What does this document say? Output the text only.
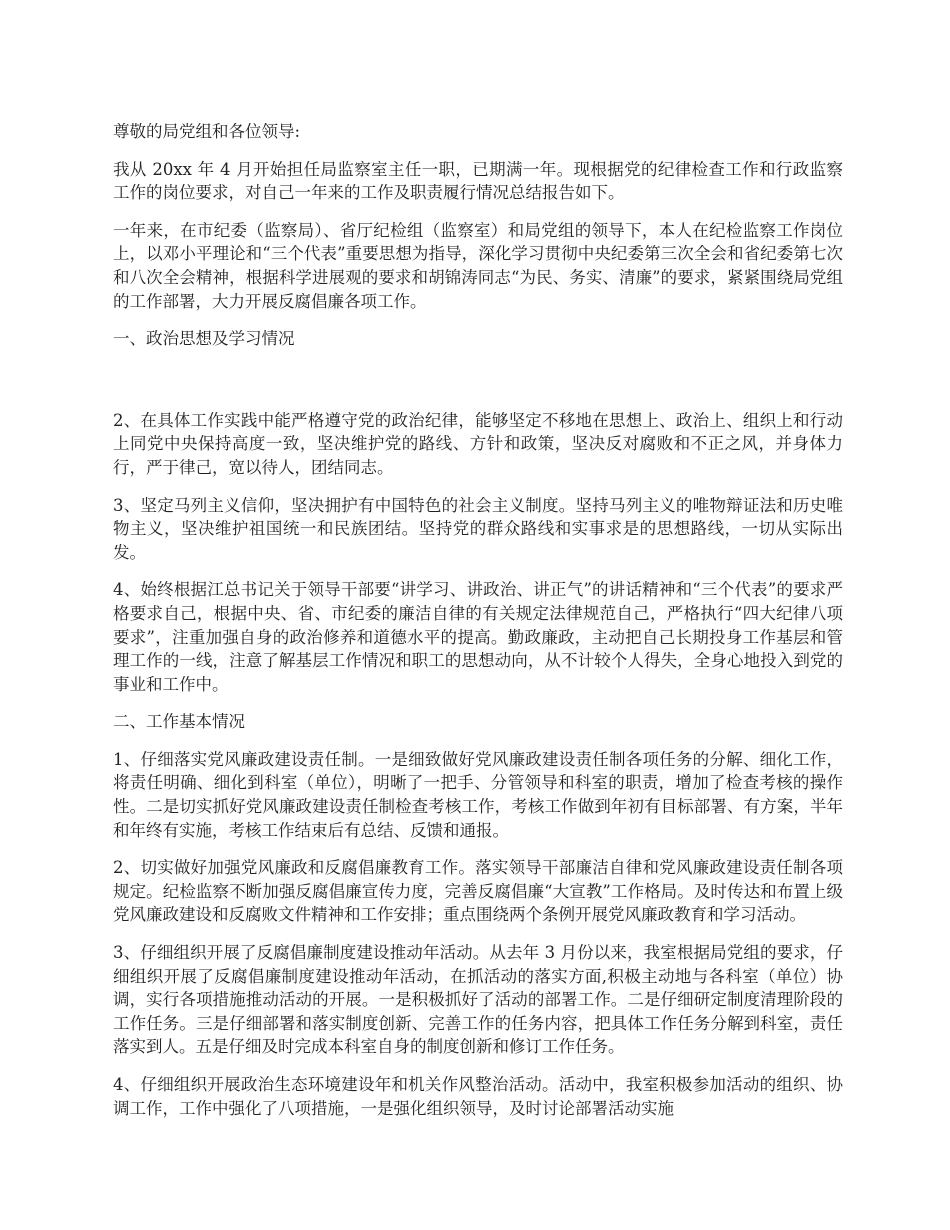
尊敬的局党组和各位领导:

我从 20xx 年 4 月开始担任局监察室主任一职，已期满一年。现根据党的纪律检查工作和行政监察工作的岗位要求，对自己一年来的工作及职责履行情况总结报告如下。

一年来，在市纪委（监察局）、省厅纪检组（监察室）和局党组的领导下，本人在纪检监察工作岗位上，以邓小平理论和“三个代表”重要思想为指导，深化学习贯彻中央纪委第三次全会和省纪委第七次和八次全会精神，根据科学进展观的要求和胡锦涛同志“为民、务实、清廉”的要求，紧紧围绕局党组的工作部署，大力开展反腐倡廉各项工作。

一、政治思想及学习情况

2、在具体工作实践中能严格遵守党的政治纪律，能够坚定不移地在思想上、政治上、组织上和行动上同党中央保持高度一致，坚决维护党的路线、方针和政策，坚决反对腐败和不正之风，并身体力行，严于律己，宽以待人，团结同志。

3、坚定马列主义信仰，坚决拥护有中国特色的社会主义制度。坚持马列主义的唯物辩证法和历史唯物主义，坚决维护祖国统一和民族团结。坚持党的群众路线和实事求是的思想路线，一切从实际出发。

4、始终根据江总书记关于领导干部要“讲学习、讲政治、讲正气”的讲话精神和“三个代表”的要求严格要求自己，根据中央、省、市纪委的廉洁自律的有关规定法律规范自己，严格执行“四大纪律八项要求”，注重加强自身的政治修养和道德水平的提高。勤政廉政，主动把自己长期投身工作基层和管理工作的一线，注意了解基层工作情况和职工的思想动向，从不计较个人得失，全身心地投入到党的事业和工作中。

二、工作基本情况

1、仔细落实党风廉政建设责任制。一是细致做好党风廉政建设责任制各项任务的分解、细化工作，将责任明确、细化到科室（单位），明晰了一把手、分管领导和科室的职责，增加了检查考核的操作性。二是切实抓好党风廉政建设责任制检查考核工作，考核工作做到年初有目标部署、有方案，半年和年终有实施，考核工作结束后有总结、反馈和通报。

2、切实做好加强党风廉政和反腐倡廉教育工作。落实领导干部廉洁自律和党风廉政建设责任制各项规定。纪检监察不断加强反腐倡廉宣传力度，完善反腐倡廉“大宣教”工作格局。及时传达和布置上级党风廉政建设和反腐败文件精神和工作安排；重点围绕两个条例开展党风廉政教育和学习活动。

3、仔细组织开展了反腐倡廉制度建设推动年活动。从去年 3 月份以来，我室根据局党组的要求，仔细组织开展了反腐倡廉制度建设推动年活动，在抓活动的落实方面,积极主动地与各科室（单位）协调，实行各项措施推动活动的开展。一是积极抓好了活动的部署工作。二是仔细研定制度清理阶段的工作任务。三是仔细部署和落实制度创新、完善工作的任务内容，把具体工作任务分解到科室，责任落实到人。五是仔细及时完成本科室自身的制度创新和修订工作任务。

4、仔细组织开展政治生态环境建设年和机关作风整治活动。活动中，我室积极参加活动的组织、协调工作，工作中强化了八项措施，一是强化组织领导，及时讨论部署活动实施
